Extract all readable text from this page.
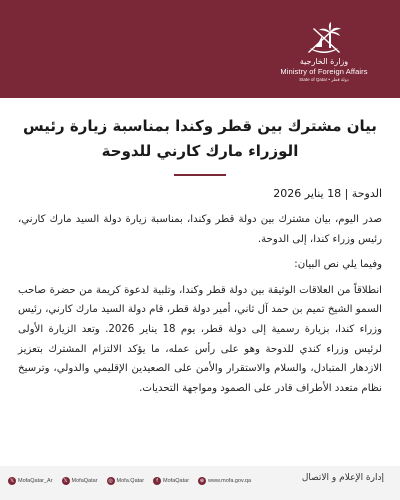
وزارة الخارجية
Ministry of Foreign Affairs
State of Qatar • دولة قطر
بيان مشترك بين قطر وكندا بمناسبة زيارة رئيس الوزراء مارك كارني للدوحة
الدوحة | 18 يناير 2026

صدر اليوم، بيان مشترك بين دولة قطر وكندا، بمناسبة زيارة دولة السيد مارك كارني، رئيس وزراء كندا، إلى الدوحة.

وفيما يلي نص البيان:

انطلاقاً من العلاقات الوثيقة بين دولة قطر وكندا، وتلبية لدعوة كريمة من حضرة صاحب السمو الشيخ تميم بن حمد آل ثاني، أمير دولة قطر، قام دولة السيد مارك كارني، رئيس وزراء كندا، بزيارة رسمية إلى دولة قطر، يوم 18 يناير 2026. وتعد الزيارة الأولى لرئيس وزراء كندي للدوحة وهو على رأس عمله، ما يؤكد الالتزام المشترك بتعزيز الازدهار المتبادل، والسلام والاستقرار والأمن على الصعيدين الإقليمي والدولي، وترسيخ نظام متعدد الأطراف قادر على الصمود ومواجهة التحديات.

𝕏 MofaQatar_Ar	𝕏 MofaQatar	◎ Mofa.Qatar	f MofaQatar	⊕ www.mofa.gov.qa	إدارة الإعلام و الاتصال
